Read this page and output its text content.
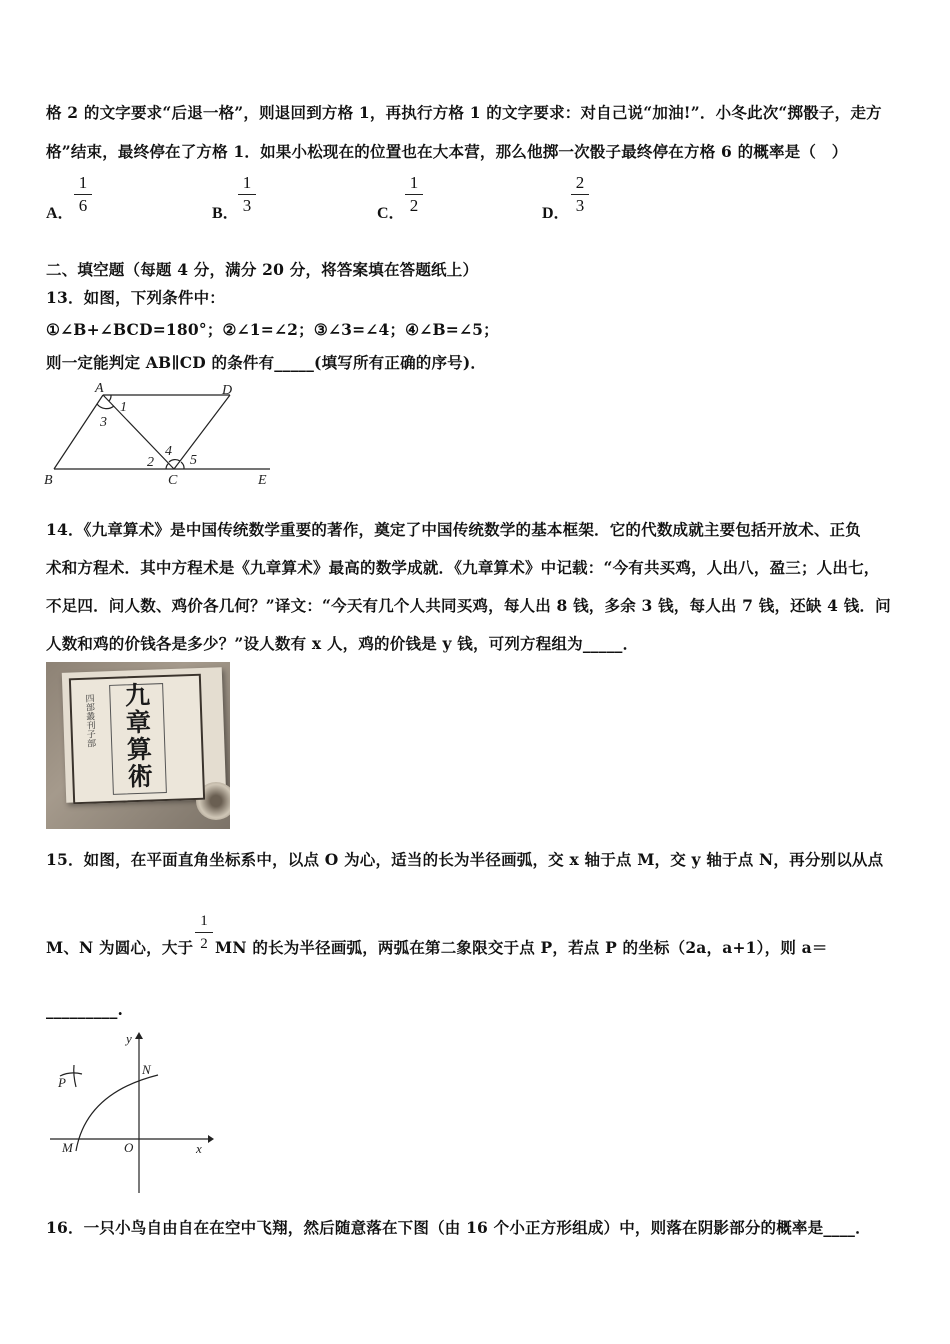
格 2 的文字要求“后退一格”，则退回到方格 1，再执行方格 1 的文字要求：对自己说“加油!”．小冬此次“掷骰子，走方
格”结束，最终停在了方格 1．如果小松现在的位置也在大本营，那么他掷一次骰子最终停在方格 6 的概率是（　）
A． $\frac{1}{6}$	B． $\frac{1}{3}$	C． $\frac{1}{2}$	D． $\frac{2}{3}$
二、填空题（每题 4 分，满分 20 分，将答案填在答题纸上）
13．如图，下列条件中：
①∠B+∠BCD=180°；②∠1=∠2；③∠3=∠4；④∠B=∠5；
则一定能判定 AB∥CD 的条件有_____(填写所有正确的序号)．
A	D
B	C	E
1
3
2
4
5
14．《九章算术》是中国传统数学重要的著作，奠定了中国传统数学的基本框架．它的代数成就主要包括开放术、正负
术和方程术．其中方程术是《九章算术》最高的数学成就．《九章算术》中记载：“今有共买鸡，人出八，盈三；人出七，
不足四．问人数、鸡价各几何？”译文：“今天有几个人共同买鸡，每人出 8 钱，多余 3 钱，每人出 7 钱，还缺 4 钱．问
人数和鸡的价钱各是多少？”设人数有 x 人，鸡的价钱是 y 钱，可列方程组为_____．
四部叢刊子部	九
章
算
術
15．如图，在平面直角坐标系中，以点 O 为心，适当的长为半径画弧，交 x 轴于点 M，交 y 轴于点 N，再分别以从点
M、N 为圆心，大于 $\frac{1}{2}$ MN 的长为半径画弧，两弧在第二象限交于点 P，若点 P 的坐标（2a，a+1），则 a＝
_________.
y
x
N
P
M	O
16．一只小鸟自由自在在空中飞翔，然后随意落在下图（由 16 个小正方形组成）中，则落在阴影部分的概率是____．
